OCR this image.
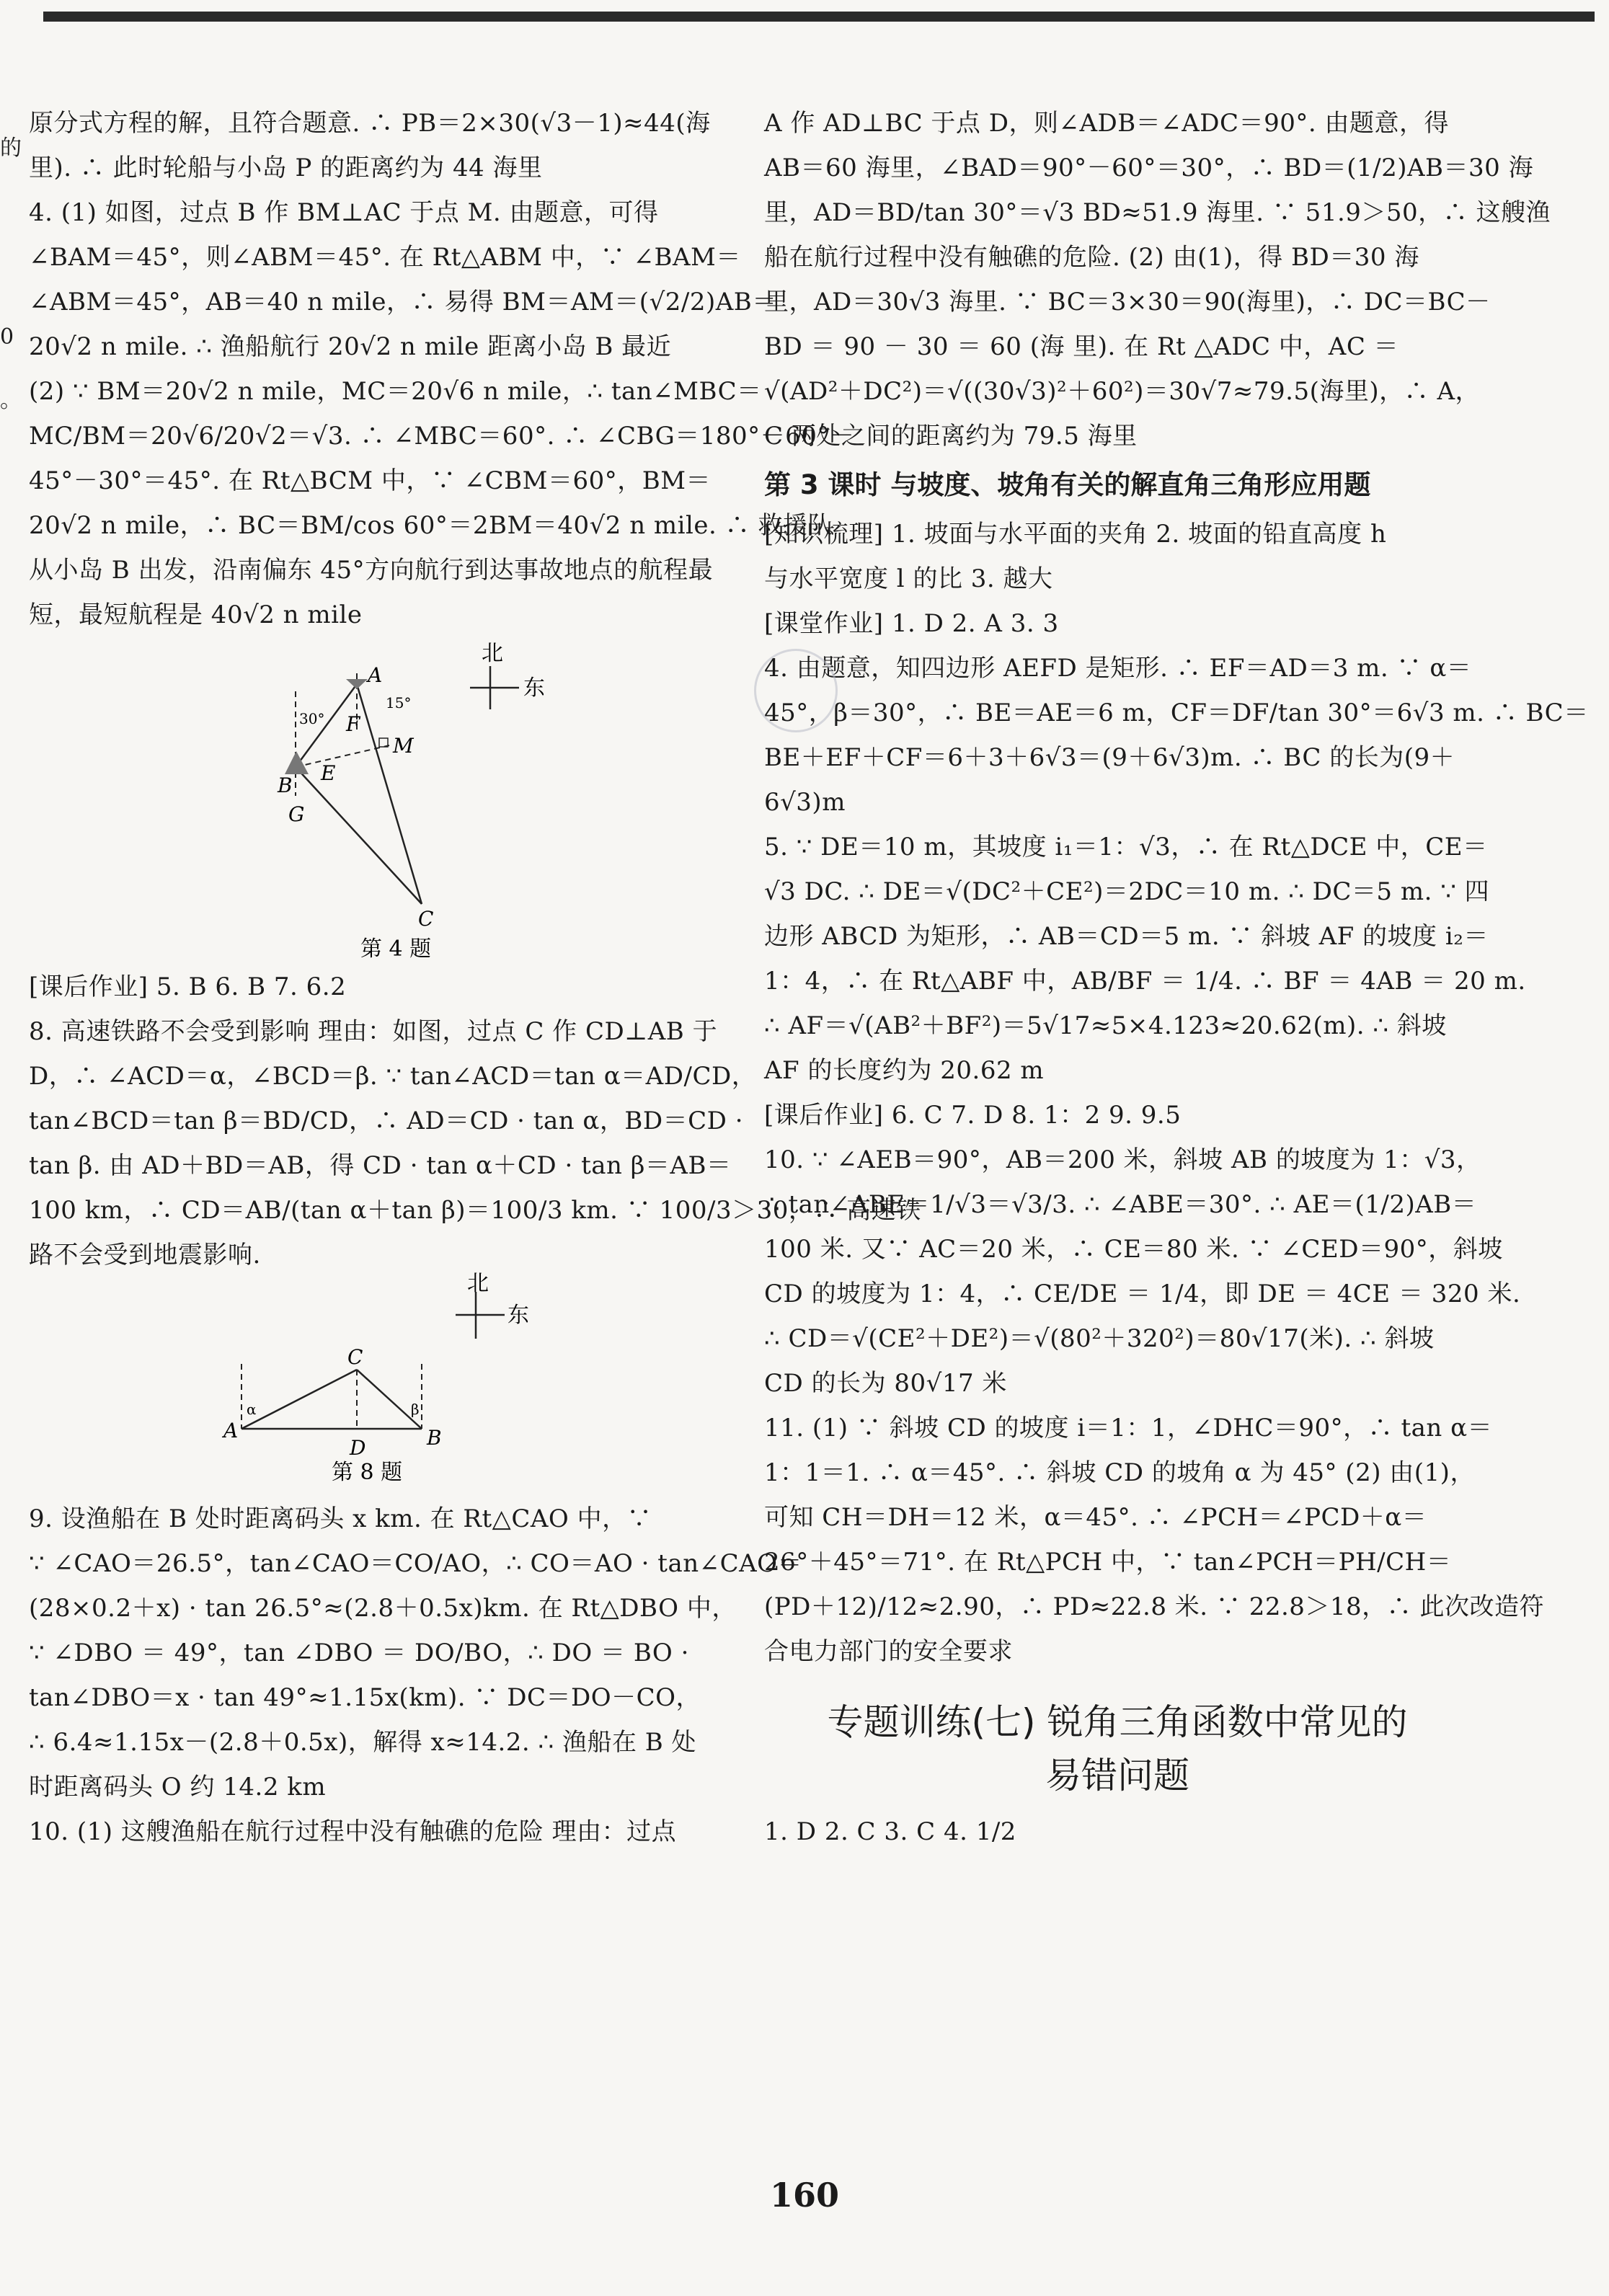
的
0
。
原分式方程的解，且符合题意. ∴ PB＝2×30(√3－1)≈44(海
里). ∴ 此时轮船与小岛 P 的距离约为 44 海里
4. (1) 如图，过点 B 作 BM⊥AC 于点 M. 由题意，可得
∠BAM＝45°，则∠ABM＝45°. 在 Rt△ABM 中，∵ ∠BAM＝
∠ABM＝45°，AB＝40 n mile，∴ 易得 BM＝AM＝(√2/2)AB＝
20√2 n mile. ∴ 渔船航行 20√2 n mile 距离小岛 B 最近
(2) ∵ BM＝20√2 n mile，MC＝20√6 n mile，∴ tan∠MBC＝
MC/BM＝20√6/20√2＝√3. ∴ ∠MBC＝60°. ∴ ∠CBG＝180°－60°－
45°－30°＝45°. 在 Rt△BCM 中，∵ ∠CBM＝60°，BM＝
20√2 n mile，∴ BC＝BM/cos 60°＝2BM＝40√2 n mile. ∴ 救援队
从小岛 B 出发，沿南偏东 45°方向航行到达事故地点的航程最
短，最短航程是 40√2 n mile
北
东
A
F
M
B
E
G
C
30°
15°
第 4 题
[课后作业] 5. B 6. B 7. 6.2
8. 高速铁路不会受到影响 理由：如图，过点 C 作 CD⊥AB 于
D，∴ ∠ACD＝α，∠BCD＝β. ∵ tan∠ACD＝tan α＝AD/CD，
tan∠BCD＝tan β＝BD/CD，∴ AD＝CD · tan α，BD＝CD ·
tan β. 由 AD＋BD＝AB，得 CD · tan α＋CD · tan β＝AB＝
100 km，∴ CD＝AB/(tan α＋tan β)＝100/3 km. ∵ 100/3＞30，∴ 高速铁
路不会受到地震影响.
北
东
A
C
D	B
α	β
第 8 题
9. 设渔船在 B 处时距离码头 x km. 在 Rt△CAO 中，∵
∵ ∠CAO＝26.5°，tan∠CAO＝CO/AO，∴ CO＝AO · tan∠CAO＝
(28×0.2＋x) · tan 26.5°≈(2.8＋0.5x)km. 在 Rt△DBO 中，
∵ ∠DBO ＝ 49°，tan ∠DBO ＝ DO/BO，∴ DO ＝ BO ·
tan∠DBO＝x · tan 49°≈1.15x(km). ∵ DC＝DO－CO，
∴ 6.4≈1.15x－(2.8＋0.5x)，解得 x≈14.2. ∴ 渔船在 B 处
时距离码头 O 约 14.2 km
10. (1) 这艘渔船在航行过程中没有触礁的危险 理由：过点
A 作 AD⊥BC 于点 D，则∠ADB＝∠ADC＝90°. 由题意，得
AB＝60 海里，∠BAD＝90°－60°＝30°，∴ BD＝(1/2)AB＝30 海
里，AD＝BD/tan 30°＝√3 BD≈51.9 海里. ∵ 51.9＞50，∴ 这艘渔
船在航行过程中没有触礁的危险. (2) 由(1)，得 BD＝30 海
里，AD＝30√3 海里. ∵ BC＝3×30＝90(海里)，∴ DC＝BC－
BD ＝ 90 － 30 ＝ 60 (海 里). 在 Rt △ADC 中，AC ＝
√(AD²＋DC²)＝√((30√3)²＋60²)＝30√7≈79.5(海里)，∴ A，
C 两处之间的距离约为 79.5 海里
第 3 课时 与坡度、坡角有关的解直角三角形应用题
[知识梳理] 1. 坡面与水平面的夹角 2. 坡面的铅直高度 h
与水平宽度 l 的比 3. 越大
[课堂作业] 1. D 2. A 3. 3
4. 由题意，知四边形 AEFD 是矩形. ∴ EF＝AD＝3 m. ∵ α＝
45°，β＝30°，∴ BE＝AE＝6 m，CF＝DF/tan 30°＝6√3 m. ∴ BC＝
BE＋EF＋CF＝6＋3＋6√3＝(9＋6√3)m. ∴ BC 的长为(9＋
6√3)m
5. ∵ DE＝10 m，其坡度 i₁＝1：√3，∴ 在 Rt△DCE 中，CE＝
√3 DC. ∴ DE＝√(DC²＋CE²)＝2DC＝10 m. ∴ DC＝5 m. ∵ 四
边形 ABCD 为矩形，∴ AB＝CD＝5 m. ∵ 斜坡 AF 的坡度 i₂＝
1：4，∴ 在 Rt△ABF 中，AB/BF ＝ 1/4. ∴ BF ＝ 4AB ＝ 20 m.
∴ AF＝√(AB²＋BF²)＝5√17≈5×4.123≈20.62(m). ∴ 斜坡
AF 的长度约为 20.62 m
[课后作业] 6. C 7. D 8. 1：2 9. 9.5
10. ∵ ∠AEB＝90°，AB＝200 米，斜坡 AB 的坡度为 1：√3，
∴ tan∠ABE＝1/√3＝√3/3. ∴ ∠ABE＝30°. ∴ AE＝(1/2)AB＝
100 米. 又∵ AC＝20 米，∴ CE＝80 米. ∵ ∠CED＝90°，斜坡
CD 的坡度为 1：4，∴ CE/DE ＝ 1/4，即 DE ＝ 4CE ＝ 320 米.
∴ CD＝√(CE²＋DE²)＝√(80²＋320²)＝80√17(米). ∴ 斜坡
CD 的长为 80√17 米
11. (1) ∵ 斜坡 CD 的坡度 i＝1：1，∠DHC＝90°，∴ tan α＝
1：1＝1. ∴ α＝45°. ∴ 斜坡 CD 的坡角 α 为 45° (2) 由(1)，
可知 CH＝DH＝12 米，α＝45°. ∴ ∠PCH＝∠PCD＋α＝
26°＋45°＝71°. 在 Rt△PCH 中，∵ tan∠PCH＝PH/CH＝
(PD＋12)/12≈2.90，∴ PD≈22.8 米. ∵ 22.8＞18，∴ 此次改造符
合电力部门的安全要求
专题训练(七) 锐角三角函数中常见的
易错问题
1. D 2. C 3. C 4. 1/2
160
